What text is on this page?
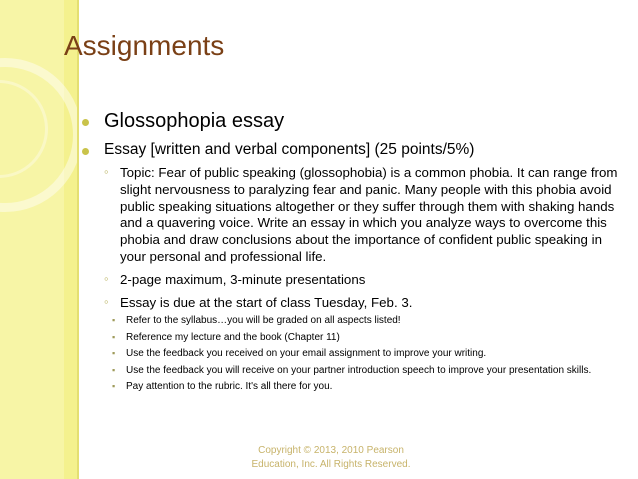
Assignments
Glossophopia essay
Essay [written and verbal components] (25 points/5%)
◦ Topic: Fear of public speaking (glossophobia) is a common phobia. It can range from slight nervousness to paralyzing fear and panic. Many people with this phobia avoid public speaking situations altogether or they suffer through them with shaking hands and a quavering voice. Write an essay in which you analyze ways to overcome this phobia and draw conclusions about the importance of confident public speaking in your personal and professional life.
◦ 2-page maximum, 3-minute presentations
◦ Essay is due at the start of class Tuesday, Feb. 3.
▪ Refer to the syllabus…you will be graded on all aspects listed!
▪ Reference my lecture and the book (Chapter 11)
▪ Use the feedback you received on your email assignment to improve your writing.
▪ Use the feedback you will receive on your partner introduction speech to improve your presentation skills.
▪ Pay attention to the rubric. It's all there for you.
Copyright © 2013, 2010 Pearson Education, Inc. All Rights Reserved.
